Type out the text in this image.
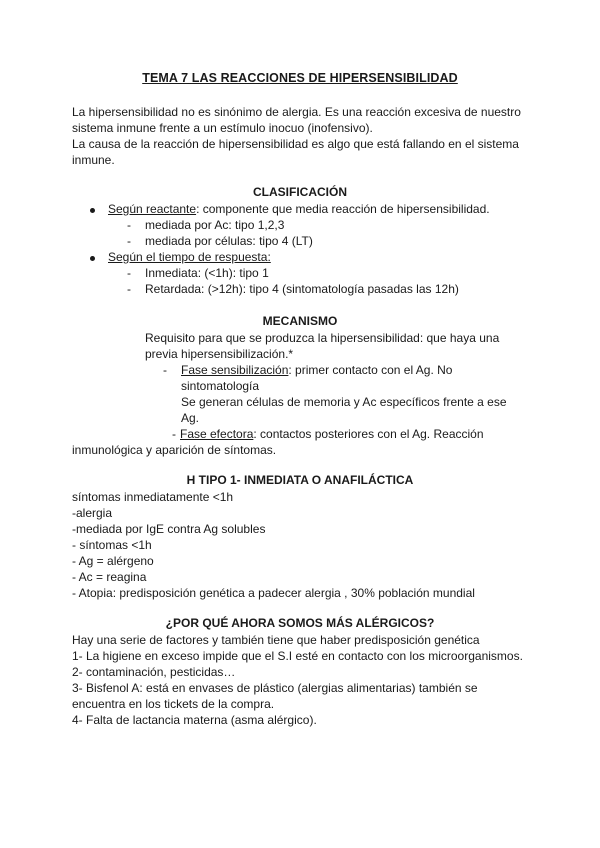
TEMA 7 LAS REACCIONES DE HIPERSENSIBILIDAD
La hipersensibilidad no es sinónimo de alergia. Es una reacción excesiva de nuestro
sistema inmune frente a un estímulo inocuo (inofensivo).
La causa de la reacción de hipersensibilidad es algo que está fallando en el sistema
inmune.
CLASIFICACIÓN
Según reactante: componente que media reacción de hipersensibilidad.
- mediada por Ac: tipo 1,2,3
- mediada por células: tipo 4 (LT)
Según el tiempo de respuesta:
- Inmediata: (<1h): tipo 1
- Retardada: (>12h): tipo 4 (sintomatología pasadas las 12h)
MECANISMO
Requisito para que se produzca la hipersensibilidad: que haya una
previa hipersensibilización.*
- Fase sensibilización: primer contacto con el Ag. No
sintomatología
Se generan células de memoria y Ac específicos frente a ese
Ag.
- Fase efectora: contactos posteriores con el Ag. Reacción
inmunológica y aparición de síntomas.
H TIPO 1- INMEDIATA O ANAFILÁCTICA
síntomas inmediatamente <1h
-alergia
-mediada por IgE contra Ag solubles
- síntomas <1h
- Ag = alérgeno
- Ac = reagina
- Atopia: predisposición genética a padecer alergia , 30% población mundial
¿POR QUÉ AHORA SOMOS MÁS ALÉRGICOS?
Hay una serie de factores y también tiene que haber predisposición genética
1- La higiene en exceso impide que el S.I esté en contacto con los microorganismos.
2- contaminación, pesticidas…
3- Bisfenol A: está en envases de plástico (alergias alimentarias) también se
encuentra en los tickets de la compra.
4- Falta de lactancia materna (asma alérgico).
